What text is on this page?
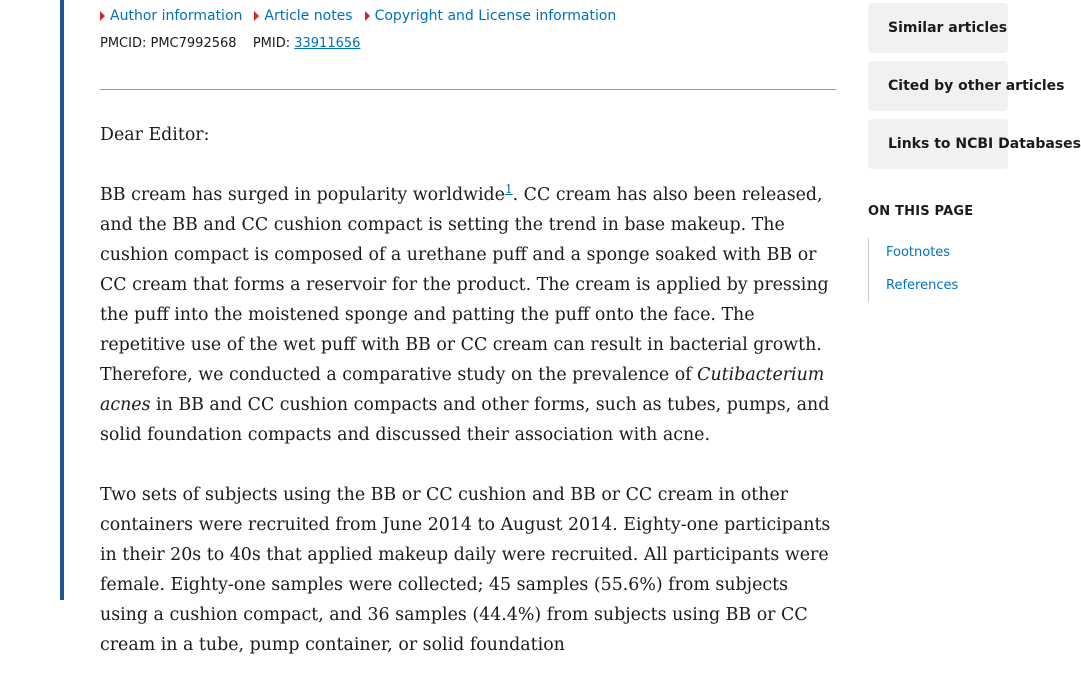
Author information Article notes Copyright and License information
PMCID: PMC7992568 PMID: 33911656

Dear Editor:

BB cream has surged in popularity worldwide$^1$. CC cream has also been released, and the BB and CC cushion compact is setting the trend in base makeup. The cushion compact is composed of a urethane puff and a sponge soaked with BB or CC cream that forms a reservoir for the product. The cream is applied by pressing the puff into the moistened sponge and patting the puff onto the face. The repetitive use of the wet puff with BB or CC cream can result in bacterial growth. Therefore, we conducted a comparative study on the prevalence of Cutibacterium acnes in BB and CC cushion compacts and other forms, such as tubes, pumps, and solid foundation compacts and discussed their association with acne.

Two sets of subjects using the BB or CC cushion and BB or CC cream in other containers were recruited from June 2014 to August 2014. Eighty-one participants in their 20s to 40s that applied makeup daily were recruited. All participants were female. Eighty-one samples were collected; 45 samples (55.6%) from subjects using a cushion compact, and 36 samples (44.4%) from subjects using BB or CC cream in a tube, pump container, or solid foundation

Similar articles
Cited by other articles
Links to NCBI Databases
ON THIS PAGE
Footnotes
References
